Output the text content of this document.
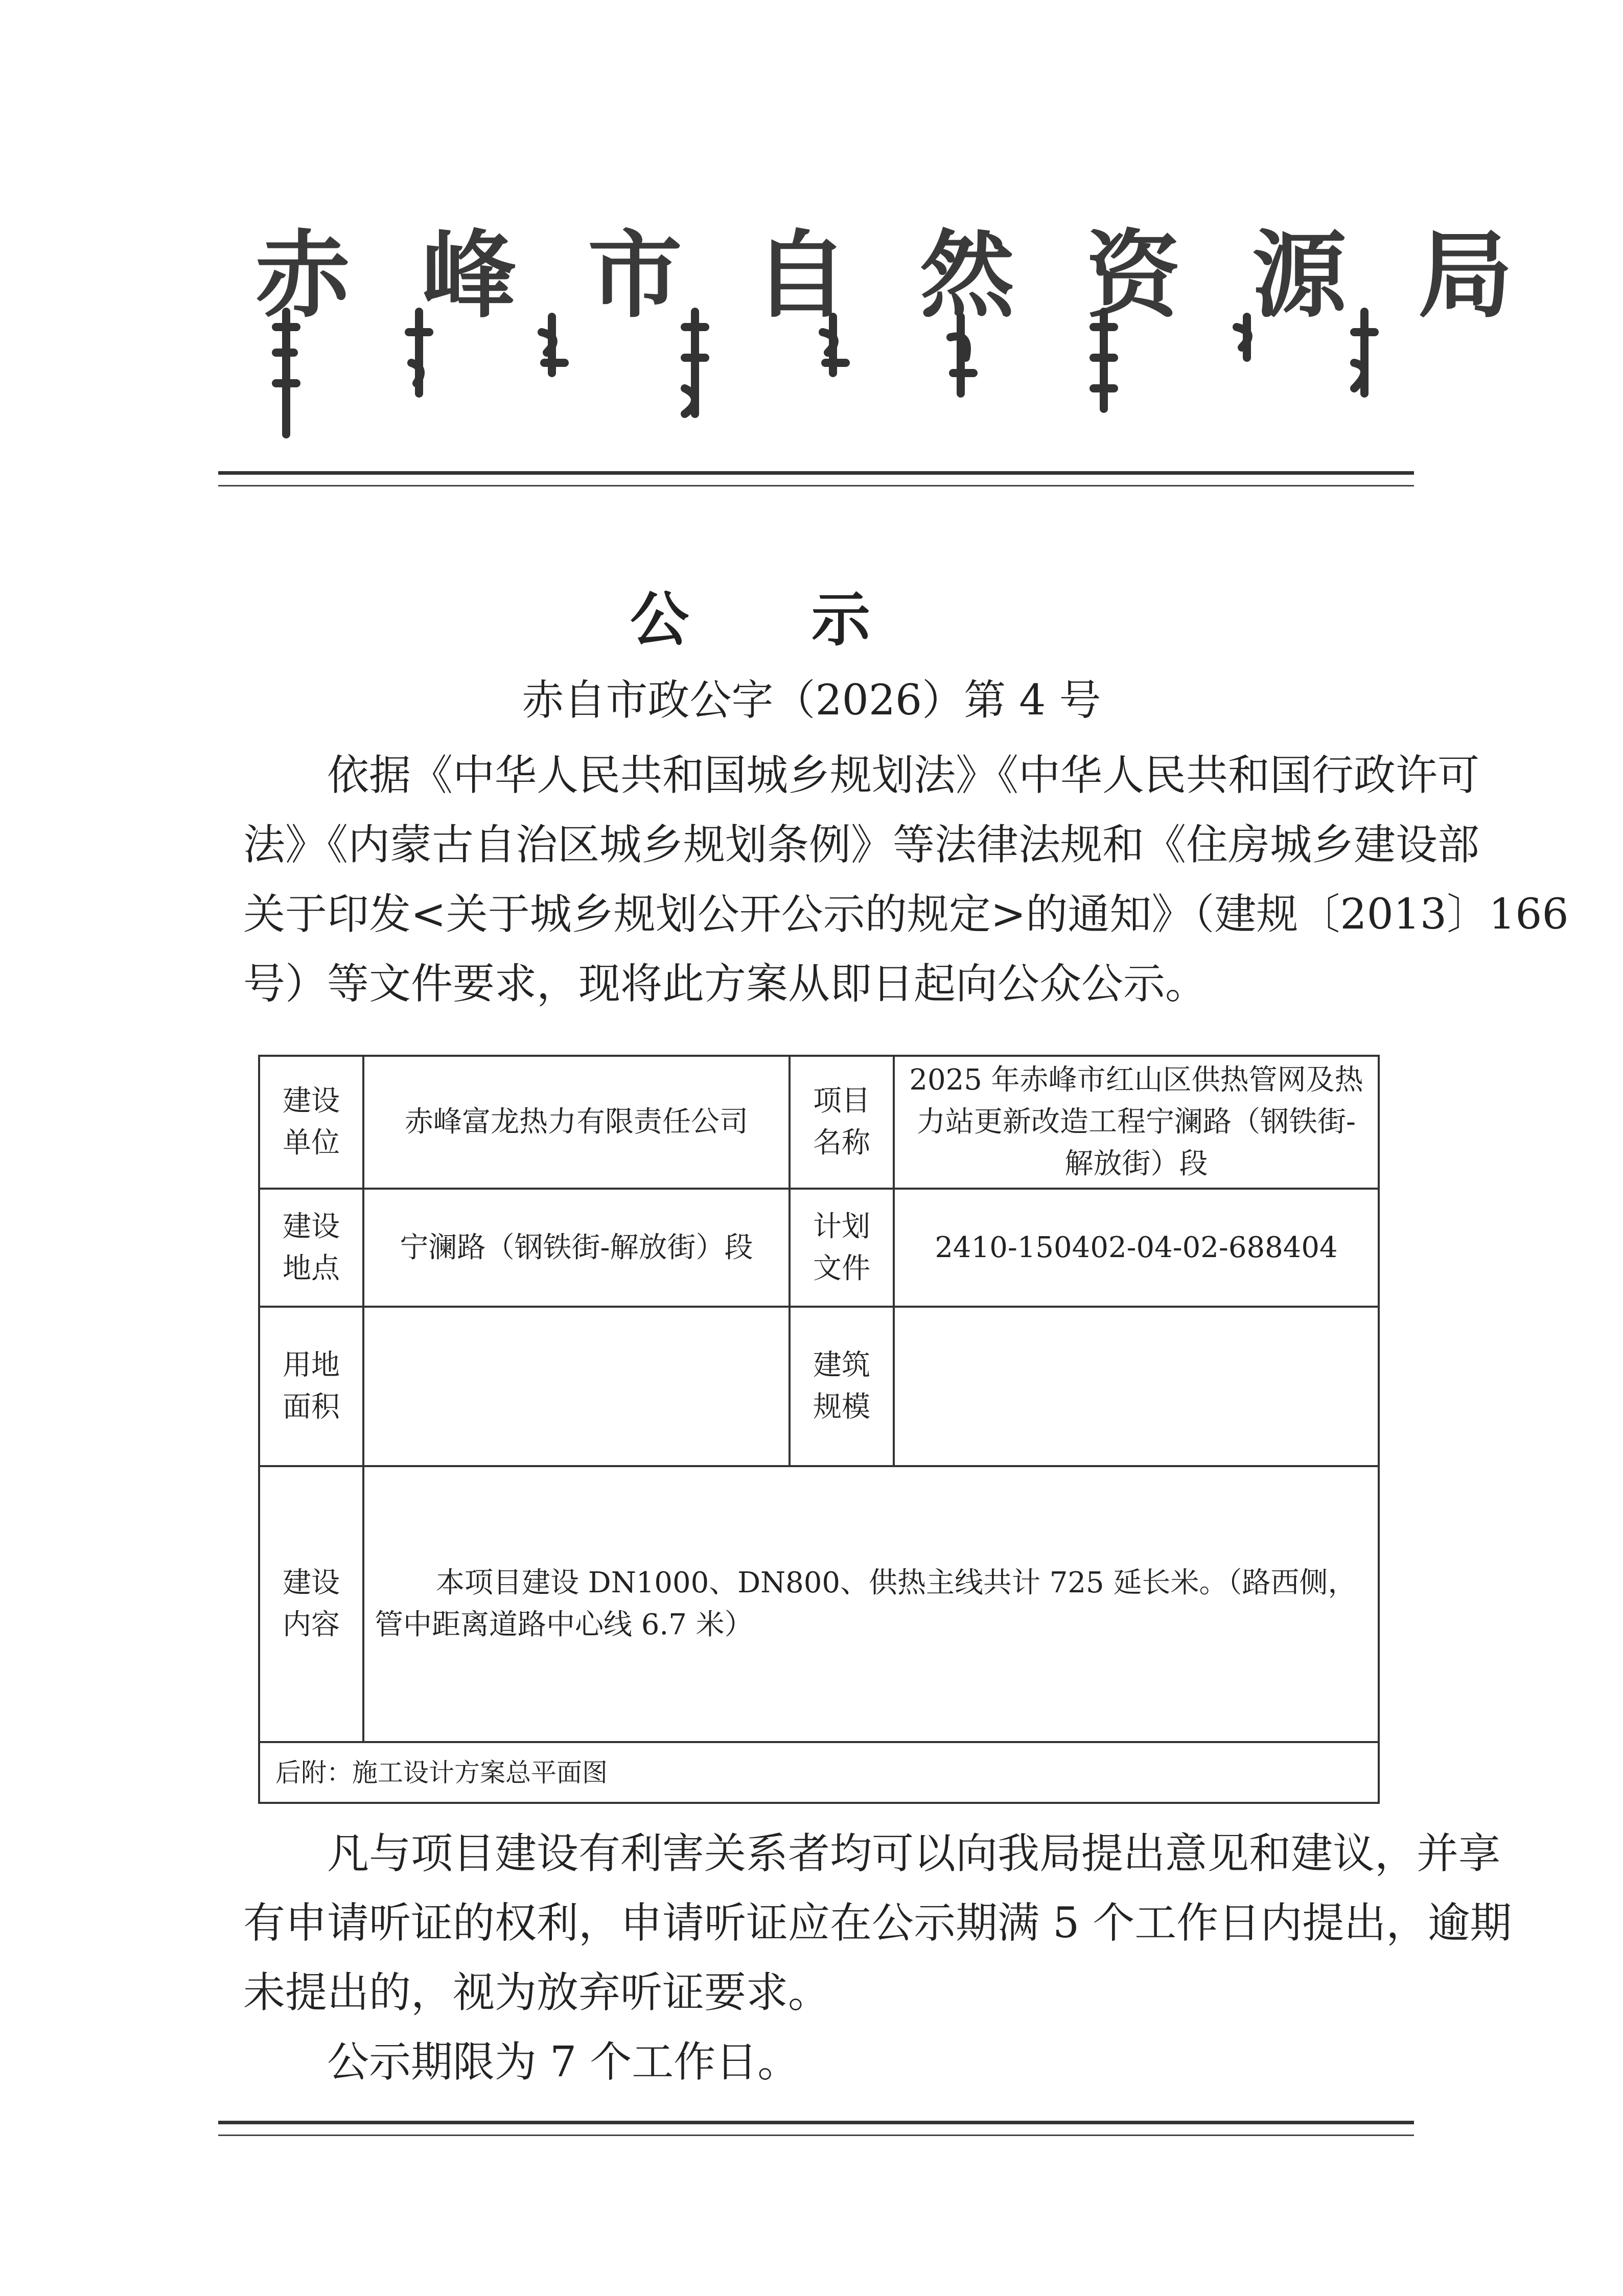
赤峰市自然资源局
公示
赤自市政公字（2026）第 4 号
依据《中华人民共和国城乡规划法》《中华人民共和国行政许可
法》《内蒙古自治区城乡规划条例》等法律法规和《住房城乡建设部
关于印发<关于城乡规划公开公示的规定>的通知》（建规〔2013〕166
号）等文件要求，现将此方案从即日起向公众公示。
建设单位	赤峰富龙热力有限责任公司	项目名称	2025 年赤峰市红山区供热管网及热力站更新改造工程宁澜路（钢铁街-解放街）段
建设地点	宁澜路（钢铁街-解放街）段	计划文件	2410-150402-04-02-688404
用地面积		建筑规模	
建设内容	本项目建设 DN1000、DN800、供热主线共计 725 延长米。（路西侧，管中距离道路中心线 6.7 米）		
后附：施工设计方案总平面图			
凡与项目建设有利害关系者均可以向我局提出意见和建议，并享
有申请听证的权利，申请听证应在公示期满 5 个工作日内提出，逾期
未提出的，视为放弃听证要求。
公示期限为 7 个工作日。
